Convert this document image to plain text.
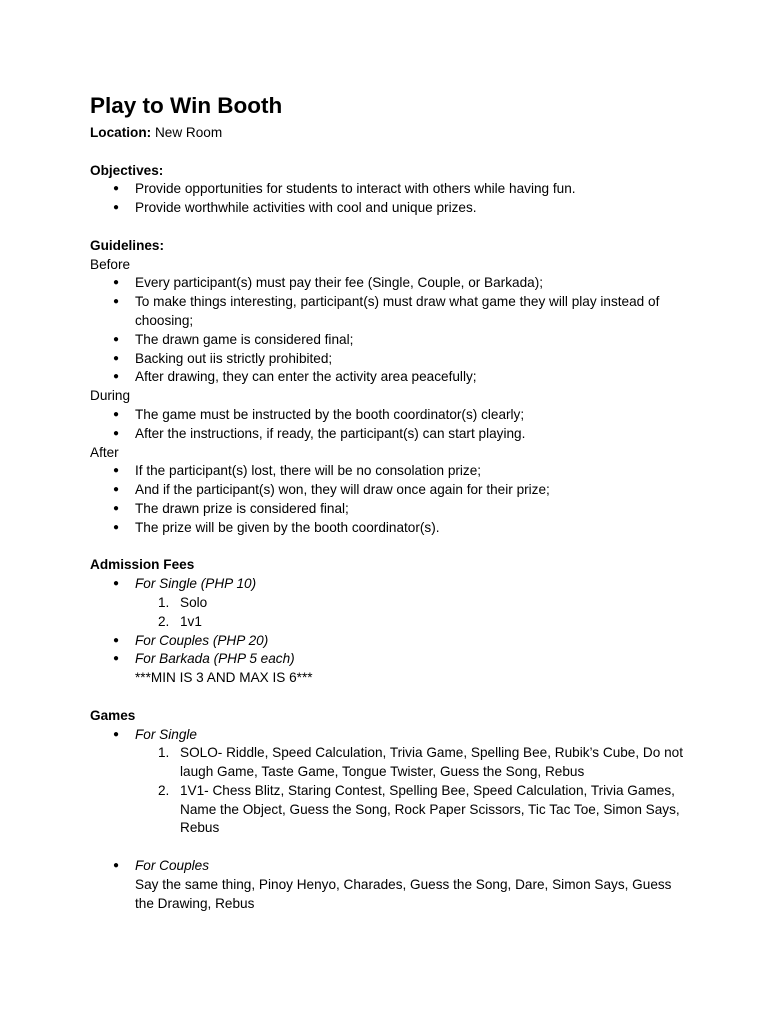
Play to Win Booth

Location: New Room

Objectives:

● Provide opportunities for students to interact with others while having fun.
● Provide worthwhile activities with cool and unique prizes.

Guidelines:

Before

● Every participant(s) must pay their fee (Single, Couple, or Barkada);
● To make things interesting, participant(s) must draw what game they will play instead of choosing;
● The drawn game is considered final;
● Backing out iis strictly prohibited;
● After drawing, they can enter the activity area peacefully;

During

● The game must be instructed by the booth coordinator(s) clearly;
● After the instructions, if ready, the participant(s) can start playing.

After

● If the participant(s) lost, there will be no consolation prize;
● And if the participant(s) won, they will draw once again for their prize;
● The drawn prize is considered final;
● The prize will be given by the booth coordinator(s).

Admission Fees

● For Single (PHP 10)
1. Solo
2. 1v1
● For Couples (PHP 20)
● For Barkada (PHP 5 each)
***MIN IS 3 AND MAX IS 6***

Games

● For Single
1. SOLO- Riddle, Speed Calculation, Trivia Game, Spelling Bee, Rubik’s Cube, Do not laugh Game, Taste Game, Tongue Twister, Guess the Song, Rebus
2. 1V1- Chess Blitz, Staring Contest, Spelling Bee, Speed Calculation, Trivia Games, Name the Object, Guess the Song, Rock Paper Scissors, Tic Tac Toe, Simon Says, Rebus
● For Couples
Say the same thing, Pinoy Henyo, Charades, Guess the Song, Dare, Simon Says, Guess the Drawing, Rebus
